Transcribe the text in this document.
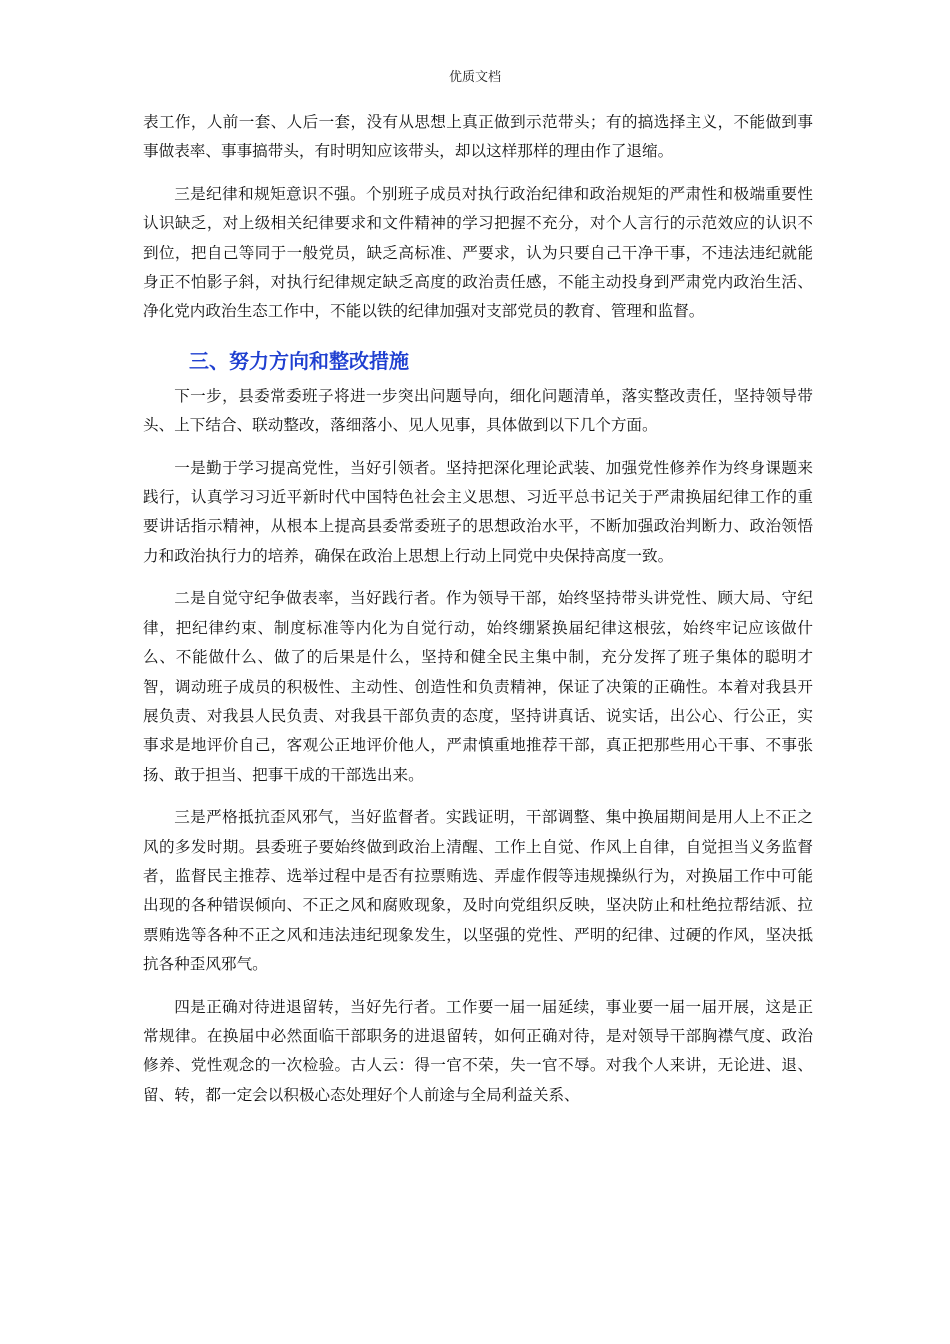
优质文档

表工作，人前一套、人后一套，没有从思想上真正做到示范带头；有的搞选择主义，不能做到事事做表率、事事搞带头，有时明知应该带头，却以这样那样的理由作了退缩。

三是纪律和规矩意识不强。个别班子成员对执行政治纪律和政治规矩的严肃性和极端重要性认识缺乏，对上级相关纪律要求和文件精神的学习把握不充分，对个人言行的示范效应的认识不到位，把自己等同于一般党员，缺乏高标准、严要求，认为只要自己干净干事，不违法违纪就能身正不怕影子斜，对执行纪律规定缺乏高度的政治责任感，不能主动投身到严肃党内政治生活、净化党内政治生态工作中，不能以铁的纪律加强对支部党员的教育、管理和监督。

三、努力方向和整改措施

下一步，县委常委班子将进一步突出问题导向，细化问题清单，落实整改责任，坚持领导带头、上下结合、联动整改，落细落小、见人见事，具体做到以下几个方面。

一是勤于学习提高党性，当好引领者。坚持把深化理论武装、加强党性修养作为终身课题来践行，认真学习习近平新时代中国特色社会主义思想、习近平总书记关于严肃换届纪律工作的重要讲话指示精神，从根本上提高县委常委班子的思想政治水平，不断加强政治判断力、政治领悟力和政治执行力的培养，确保在政治上思想上行动上同党中央保持高度一致。

二是自觉守纪争做表率，当好践行者。作为领导干部，始终坚持带头讲党性、顾大局、守纪律，把纪律约束、制度标准等内化为自觉行动，始终绷紧换届纪律这根弦，始终牢记应该做什么、不能做什么、做了的后果是什么，坚持和健全民主集中制，充分发挥了班子集体的聪明才智，调动班子成员的积极性、主动性、创造性和负责精神，保证了决策的正确性。本着对我县开展负责、对我县人民负责、对我县干部负责的态度，坚持讲真话、说实话，出公心、行公正，实事求是地评价自己，客观公正地评价他人，严肃慎重地推荐干部，真正把那些用心干事、不事张扬、敢于担当、把事干成的干部选出来。

三是严格抵抗歪风邪气，当好监督者。实践证明，干部调整、集中换届期间是用人上不正之风的多发时期。县委班子要始终做到政治上清醒、工作上自觉、作风上自律，自觉担当义务监督者，监督民主推荐、选举过程中是否有拉票贿选、弄虚作假等违规操纵行为，对换届工作中可能出现的各种错误倾向、不正之风和腐败现象，及时向党组织反映，坚决防止和杜绝拉帮结派、拉票贿选等各种不正之风和违法违纪现象发生，以坚强的党性、严明的纪律、过硬的作风，坚决抵抗各种歪风邪气。

四是正确对待进退留转，当好先行者。工作要一届一届延续，事业要一届一届开展，这是正常规律。在换届中必然面临干部职务的进退留转，如何正确对待，是对领导干部胸襟气度、政治修养、党性观念的一次检验。古人云：得一官不荣，失一官不辱。对我个人来讲，无论进、退、留、转，都一定会以积极心态处理好个人前途与全局利益关系、
